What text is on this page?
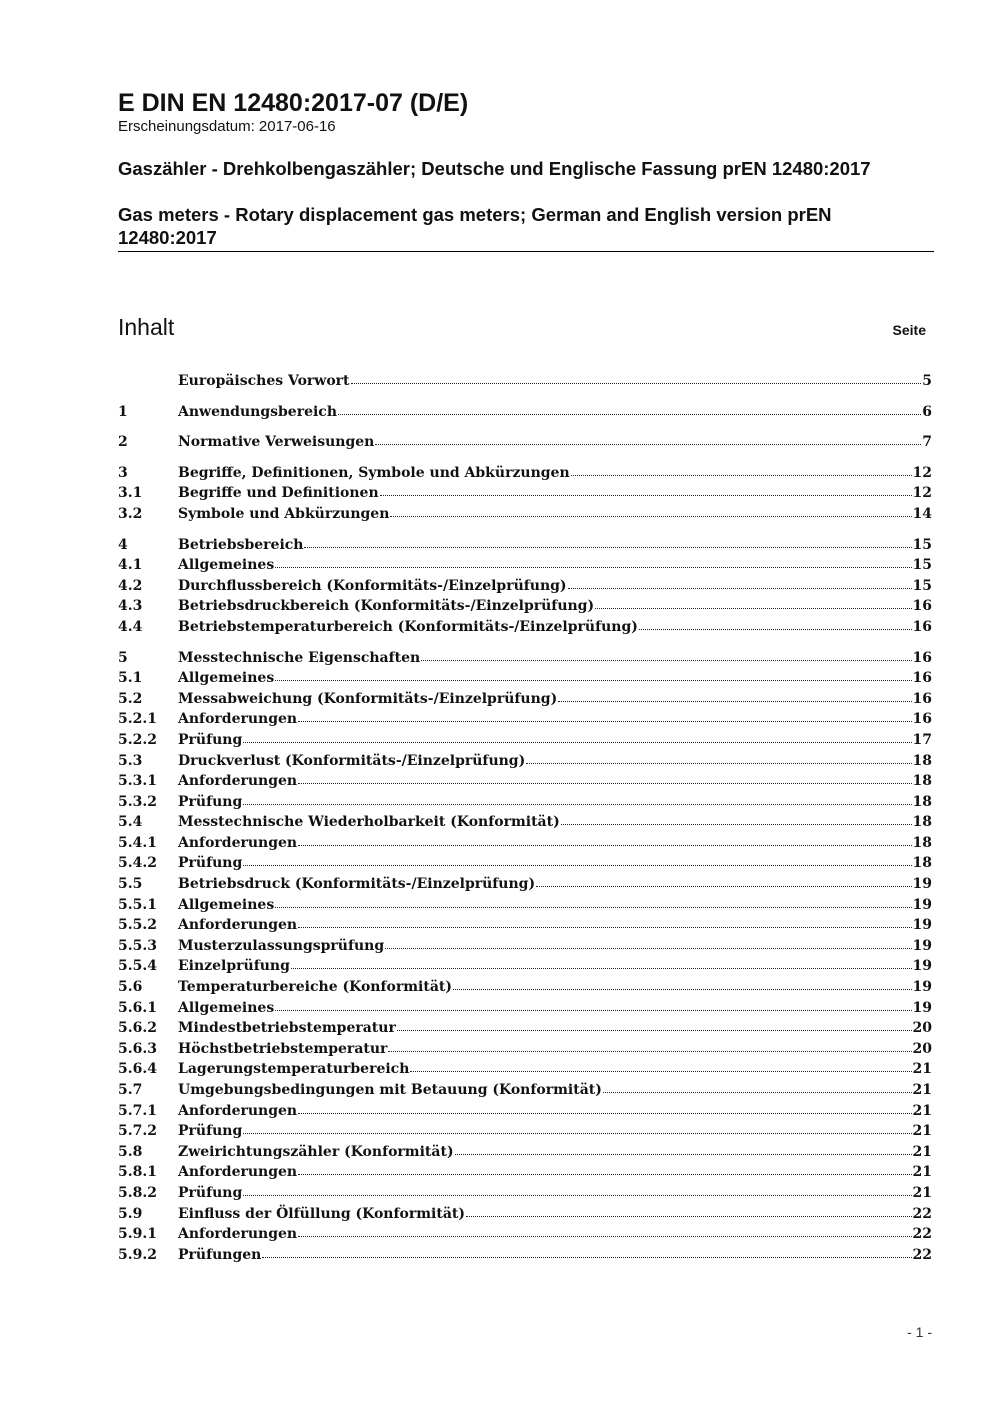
E DIN EN 12480:2017-07 (D/E)

Erscheinungsdatum: 2017-06-16

Gaszähler - Drehkolbengaszähler; Deutsche und Englische Fassung prEN 12480:2017

Gas meters - Rotary displacement gas meters; German and English version prEN 12480:2017

Inhalt	Seite
Europäisches Vorwort	5
1	Anwendungsbereich	6
2	Normative Verweisungen	7
3	Begriffe, Definitionen, Symbole und Abkürzungen	12
3.1	Begriffe und Definitionen	12
3.2	Symbole und Abkürzungen	14
4	Betriebsbereich	15
4.1	Allgemeines	15
4.2	Durchflussbereich (Konformitäts-/Einzelprüfung)	15
4.3	Betriebsdruckbereich (Konformitäts-/Einzelprüfung)	16
4.4	Betriebstemperaturbereich (Konformitäts-/Einzelprüfung)	16
5	Messtechnische Eigenschaften	16
5.1	Allgemeines	16
5.2	Messabweichung (Konformitäts-/Einzelprüfung)	16
5.2.1	Anforderungen	16
5.2.2	Prüfung	17
5.3	Druckverlust (Konformitäts-/Einzelprüfung)	18
5.3.1	Anforderungen	18
5.3.2	Prüfung	18
5.4	Messtechnische Wiederholbarkeit (Konformität)	18
5.4.1	Anforderungen	18
5.4.2	Prüfung	18
5.5	Betriebsdruck (Konformitäts-/Einzelprüfung)	19
5.5.1	Allgemeines	19
5.5.2	Anforderungen	19
5.5.3	Musterzulassungsprüfung	19
5.5.4	Einzelprüfung	19
5.6	Temperaturbereiche (Konformität)	19
5.6.1	Allgemeines	19
5.6.2	Mindestbetriebstemperatur	20
5.6.3	Höchstbetriebstemperatur	20
5.6.4	Lagerungstemperaturbereich	21
5.7	Umgebungsbedingungen mit Betauung (Konformität)	21
5.7.1	Anforderungen	21
5.7.2	Prüfung	21
5.8	Zweirichtungszähler (Konformität)	21
5.8.1	Anforderungen	21
5.8.2	Prüfung	21
5.9	Einfluss der Ölfüllung (Konformität)	22
5.9.1	Anforderungen	22
5.9.2	Prüfungen	22
- 1 -
